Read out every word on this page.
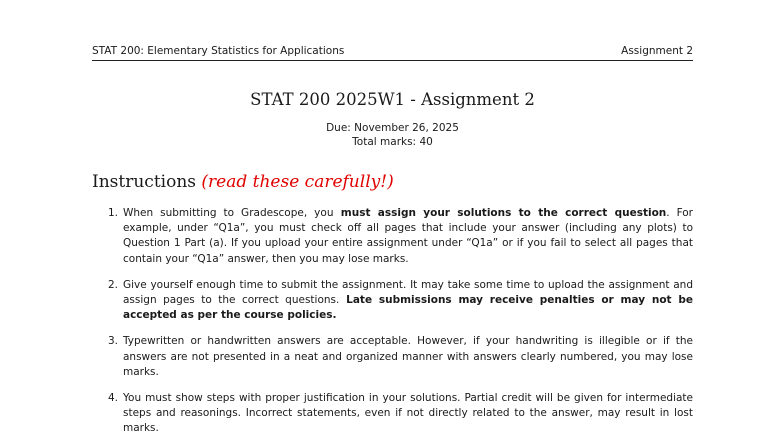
STAT 200: Elementary Statistics for Applications	Assignment 2
STAT 200 2025W1 - Assignment 2
Due: November 26, 2025
Total marks: 40
Instructions (read these carefully!)
1. When submitting to Gradescope, you must assign your solutions to the correct question. For example, under “Q1a”, you must check off all pages that include your answer (including any plots) to Question 1 Part (a). If you upload your entire assignment under “Q1a” or if you fail to select all pages that contain your “Q1a” answer, then you may lose marks.
2. Give yourself enough time to submit the assignment. It may take some time to upload the assignment and assign pages to the correct questions. Late submissions may receive penalties or may not be accepted as per the course policies.
3. Typewritten or handwritten answers are acceptable. However, if your handwriting is illegible or if the answers are not presented in a neat and organized manner with answers clearly numbered, you may lose marks.
4. You must show steps with proper justification in your solutions. Partial credit will be given for intermediate steps and reasonings. Incorrect statements, even if not directly related to the answer, may result in lost marks.
